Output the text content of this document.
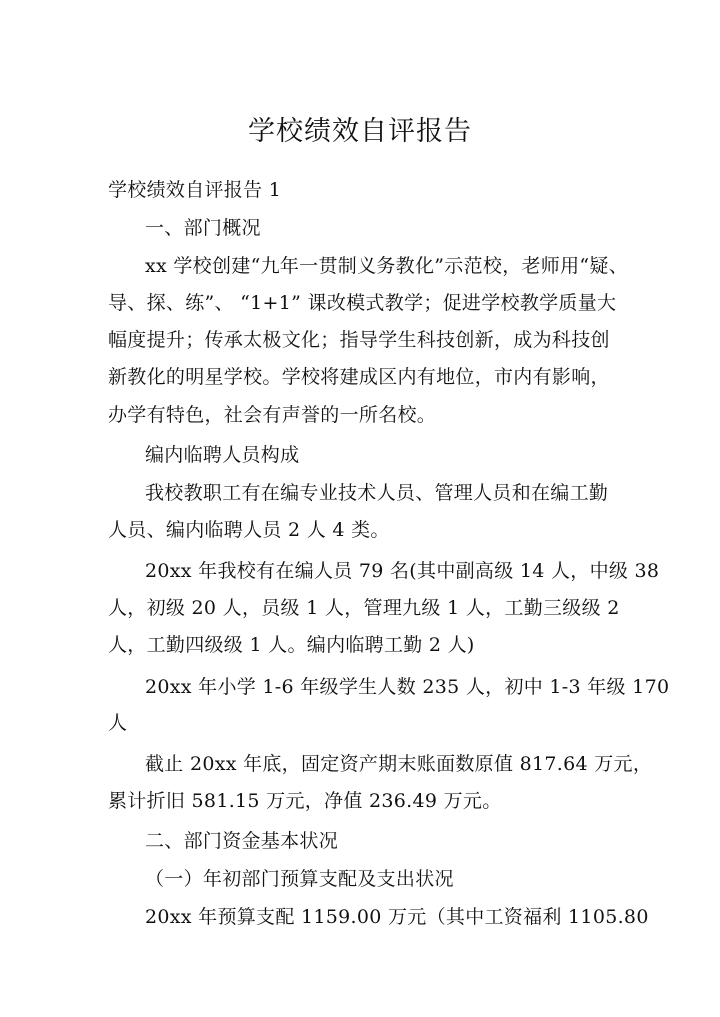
学校绩效自评报告
学校绩效自评报告 1
一、部门概况
xx 学校创建“九年一贯制义务教化”示范校，老师用“疑、
导、探、练”、 “1+1” 课改模式教学；促进学校教学质量大
幅度提升；传承太极文化；指导学生科技创新，成为科技创
新教化的明星学校。学校将建成区内有地位，市内有影响，
办学有特色，社会有声誉的一所名校。
编内临聘人员构成
我校教职工有在编专业技术人员、管理人员和在编工勤
人员、编内临聘人员 2 人 4 类。
20xx 年我校有在编人员 79 名(其中副高级 14 人，中级 38
人，初级 20 人，员级 1 人，管理九级 1 人，工勤三级级 2
人，工勤四级级 1 人。编内临聘工勤 2 人)
20xx 年小学 1-6 年级学生人数 235 人，初中 1-3 年级 170
人
截止 20xx 年底，固定资产期末账面数原值 817.64 万元，
累计折旧 581.15 万元，净值 236.49 万元。
二、部门资金基本状况
（一）年初部门预算支配及支出状况
20xx 年预算支配 1159.00 万元（其中工资福利 1105.80
